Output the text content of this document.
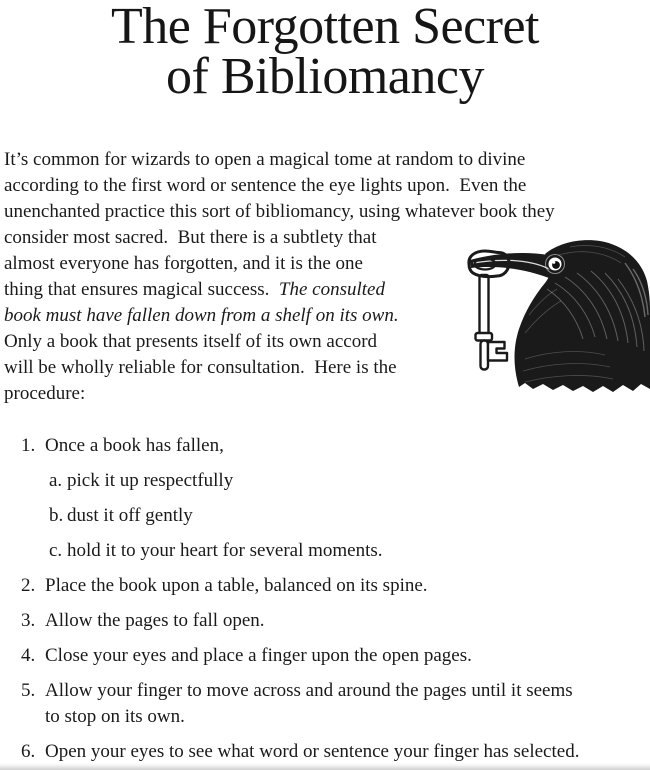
The Forgotten Secret
of Bibliomancy
It’s common for wizards to open a magical tome at random to divine
according to the first word or sentence the eye lights upon.  Even the
unenchanted practice this sort of bibliomancy, using whatever book they
consider most sacred.  But there is a subtlety that
almost everyone has forgotten, and it is the one
thing that ensures magical success.  The consulted
book must have fallen down from a shelf on its own.
Only a book that presents itself of its own accord
will be wholly reliable for consultation.  Here is the
procedure:
1. Once a book has fallen,
a. pick it up respectfully
b. dust it off gently
c. hold it to your heart for several moments.
2. Place the book upon a table, balanced on its spine.
3. Allow the pages to fall open.
4. Close your eyes and place a finger upon the open pages.
5. Allow your finger to move across and around the pages until it seems
to stop on its own.
6. Open your eyes to see what word or sentence your finger has selected.
